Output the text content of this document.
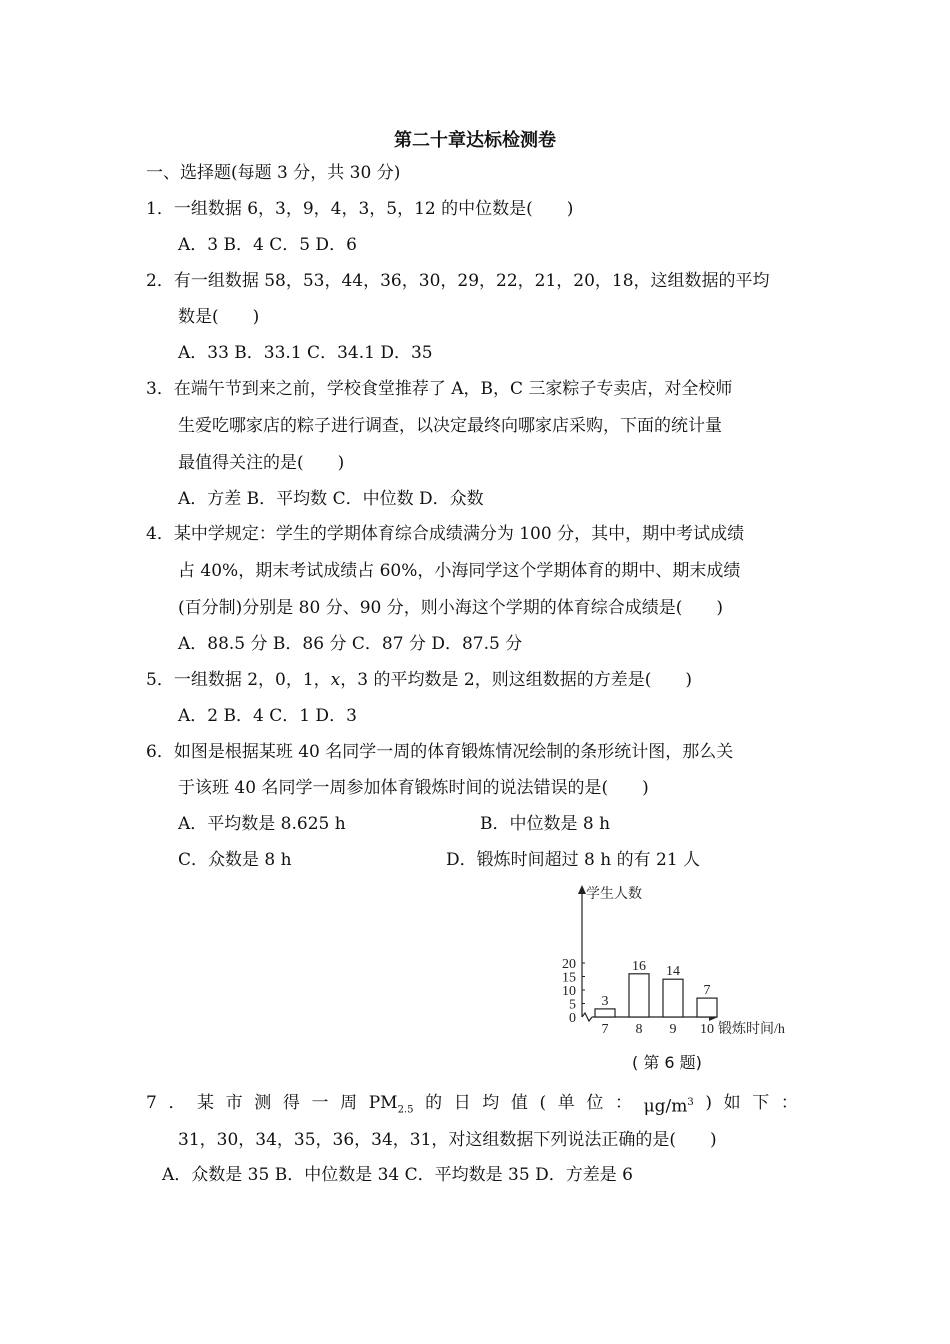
第二十章达标检测卷
一、选择题(每题 3 分，共 30 分)
1．一组数据 6，3，9，4，3，5，12 的中位数是(　　)
A．3 B．4 C．5 D．6
2．有一组数据 58，53，44，36，30，29，22，21，20，18，这组数据的平均
数是(　　)
A．33 B．33.1 C．34.1 D．35
3．在端午节到来之前，学校食堂推荐了 A，B，C 三家粽子专卖店，对全校师
生爱吃哪家店的粽子进行调查，以决定最终向哪家店采购，下面的统计量
最值得关注的是(　　)
A．方差 B．平均数 C．中位数 D．众数
4．某中学规定：学生的学期体育综合成绩满分为 100 分，其中，期中考试成绩
占 40%，期末考试成绩占 60%，小海同学这个学期体育的期中、期末成绩
(百分制)分别是 80 分、90 分，则小海这个学期的体育综合成绩是(　　)
A．88.5 分 B．86 分 C．87 分 D．87.5 分
5．一组数据 2，0，1，x，3 的平均数是 2，则这组数据的方差是(　　)
A．2 B．4 C．1 D．3
6．如图是根据某班 40 名同学一周的体育锻炼情况绘制的条形统计图，那么关
于该班 40 名同学一周参加体育锻炼时间的说法错误的是(　　)
A．平均数是 8.625 h	B．中位数是 8 h
C．众数是 8 h	D．锻炼时间超过 8 h 的有 21 人
学生人数
0
5
10
15
20
3
7
16
8
14
9
7
10 锻炼时间/h
( 第 6 题)
7 ． 某 市 测 得 一 周 $PM_{2.5}$ 的 日 均 值 ( 单 位 ： $\mu g/m^3$ ) 如 下 ：
31，30，34，35，36，34，31，对这组数据下列说法正确的是(　　)
A．众数是 35 B．中位数是 34 C．平均数是 35 D．方差是 6
